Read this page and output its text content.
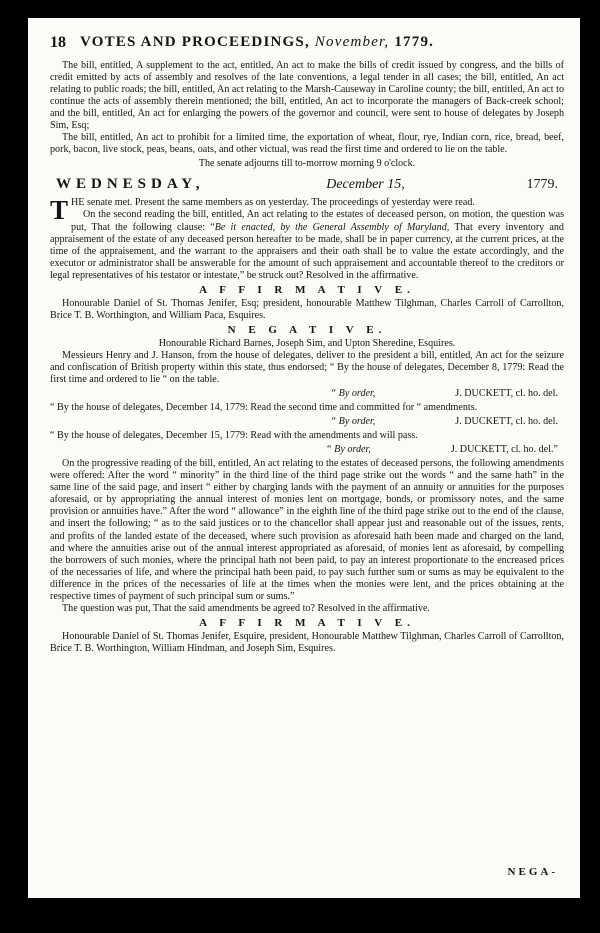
18 VOTES AND PROCEEDINGS, November, 1779.

The bill, entitled, A supplement to the act, entitled, An act to make the bills of credit issued by congress, and the bills of credit emitted by acts of assembly and resolves of the late conventions, a legal tender in all cases; the bill, entitled, An act relating to public roads; the bill, entitled, An act relating to the Marsh-Causeway in Caroline county; the bill, entitled, An act to continue the acts of assembly therein mentioned; the bill, entitled, An act to incorporate the managers of Back-creek school; and the bill, entitled, An act for enlarging the powers of the governor and council, were sent to house of delegates by Joseph Sim, Esq;

The bill, entitled, An act to prohibit for a limited time, the exportation of wheat, flour, rye, Indian corn, rice, bread, beef, pork, bacon, live stock, peas, beans, oats, and other victual, was read the first time and ordered to lie on the table.

The senate adjourns till to-morrow morning 9 o'clock.

WEDNESDAY,	December 15,	1779.

THE senate met. Present the same members as on yesterday. The proceedings of yesterday were read.

On the second reading the bill, entitled, An act relating to the estates of deceased person, on motion, the question was put, That the following clause: “Be it enacted, by the General Assembly of Maryland, That every inventory and appraisement of the estate of any deceased person hereafter to be made, shall be in paper currency, at the current prices, at the time of the appraisement, and the warrant to the appraisers and their oath shall be to value the estate accordingly, and the executor or administrator shall be answerable for the amount of such appraisement and accountable thereof to the creditors or legal representatives of his testator or intestate,” be struck out? Resolved in the affirmative.

A F F I R M A T I V E.

Honourable Daniel of St. Thomas Jenifer, Esq; president, honourable Matthew Tilghman, Charles Carroll of Carrollton, Brice T. B. Worthington, and William Paca, Esquires.

N E G A T I V E.

Honourable Richard Barnes, Joseph Sim, and Upton Sheredine, Esquires.

Messieurs Henry and J. Hanson, from the house of delegates, deliver to the president a bill, entitled, An act for the seizure and confiscation of British property within this state, thus endorsed; “ By the house of delegates, December 8, 1779: Read the first time and ordered to lie “ on the table.

“ By order,	J. DUCKETT, cl. ho. del.

“ By the house of delegates, December 14, 1779: Read the second time and committed for “ amendments.

“ By order,	J. DUCKETT, cl. ho. del.

“ By the house of delegates, December 15, 1779: Read with the amendments and will pass.

“ By order,	J. DUCKETT, cl. ho. del.”

On the progressive reading of the bill, entitled, An act relating to the estates of deceased persons, the following amendments were offered: After the word “ minority” in the third line of the third page strike out the words “ and the same hath” in the same line of the said page, and insert “ either by charging lands with the payment of an annuity or annuities for the purposes aforesaid, or by appropriating the annual interest of monies lent on mortgage, bonds, or promissory notes, and the same provision or annuities have.” After the word “ allowance” in the eighth line of the third page strike out to the end of the clause, and insert the following; “ as to the said justices or to the chancellor shall appear just and reasonable out of the issues, rents, and profits of the landed estate of the deceased, where such provision as aforesaid hath been made and charged on the land, and where the annuities arise out of the annual interest appropriated as aforesaid, of monies lent as aforesaid, by compelling the borrowers of such monies, where the principal hath not been paid, to pay an interest proportionate to the encreased prices of the necessaries of life, and where the principal hath been paid, to pay such further sum or sums as may be equivalent to the difference in the prices of the necessaries of life at the times when the monies were lent, and the prices obtaining at the respective times of payment of such principal sum or sums.”

The question was put, That the said amendments be agreed to? Resolved in the affirmative.

A F F I R M A T I V E.

Honourable Daniel of St. Thomas Jenifer, Esquire, president, Honourable Matthew Tilghman, Charles Carroll of Carrollton, Brice T. B. Worthington, William Hindman, and Joseph Sim, Esquires.

NEGA-
